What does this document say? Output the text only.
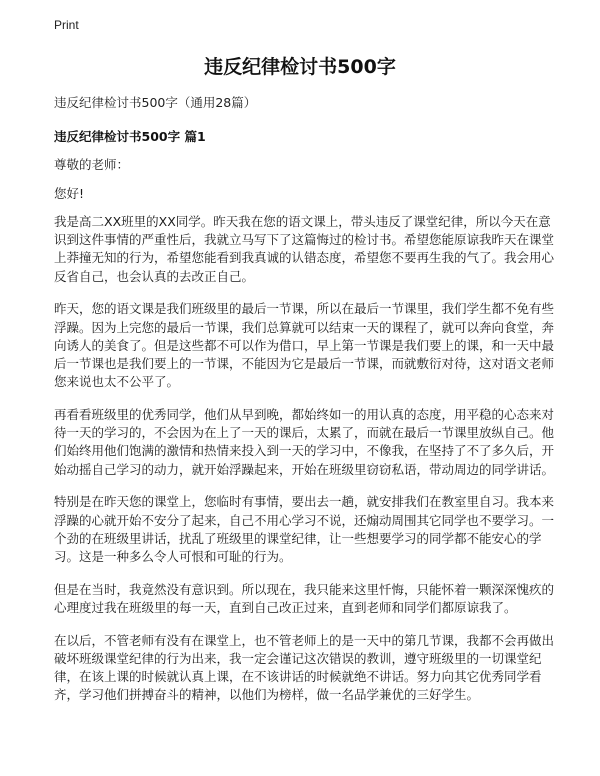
Print
违反纪律检讨书500字
违反纪律检讨书500字（通用28篇）
违反纪律检讨书500字 篇1
尊敬的老师：
您好!

我是高二XX班里的XX同学。昨天我在您的语文课上，带头违反了课堂纪律，所以今天在意识到这件事情的严重性后，我就立马写下了这篇悔过的检讨书。希望您能原谅我昨天在课堂上莽撞无知的行为，希望您能看到我真诚的认错态度，希望您不要再生我的气了。我会用心反省自己，也会认真的去改正自己。

昨天，您的语文课是我们班级里的最后一节课，所以在最后一节课里，我们学生都不免有些浮躁。因为上完您的最后一节课，我们总算就可以结束一天的课程了，就可以奔向食堂，奔向诱人的美食了。但是这些都不可以作为借口，早上第一节课是我们要上的课，和一天中最后一节课也是我们要上的一节课，不能因为它是最后一节课，而就敷衍对待，这对语文老师您来说也太不公平了。

再看看班级里的优秀同学，他们从早到晚，都始终如一的用认真的态度，用平稳的心态来对待一天的学习的，不会因为在上了一天的课后，太累了，而就在最后一节课里放纵自己。他们始终用他们饱满的激情和热情来投入到一天的学习中，不像我，在坚持了不了多久后，开始动摇自己学习的动力，就开始浮躁起来，开始在班级里窃窃私语，带动周边的同学讲话。

特别是在昨天您的课堂上，您临时有事情，要出去一趟，就安排我们在教室里自习。我本来浮躁的心就开始不安分了起来，自己不用心学习不说，还煽动周围其它同学也不要学习。一个劲的在班级里讲话，扰乱了班级里的课堂纪律，让一些想要学习的同学都不能安心的学习。这是一种多么令人可恨和可耻的行为。

但是在当时，我竟然没有意识到。所以现在，我只能来这里忏悔，只能怀着一颗深深愧疚的心理度过我在班级里的每一天，直到自己改正过来，直到老师和同学们都原谅我了。

在以后，不管老师有没有在课堂上，也不管老师上的是一天中的第几节课，我都不会再做出破坏班级课堂纪律的行为出来，我一定会谨记这次错误的教训，遵守班级里的一切课堂纪律，在该上课的时候就认真上课，在不该讲话的时候就绝不讲话。努力向其它优秀同学看齐，学习他们拼搏奋斗的精神，以他们为榜样，做一名品学兼优的三好学生。
